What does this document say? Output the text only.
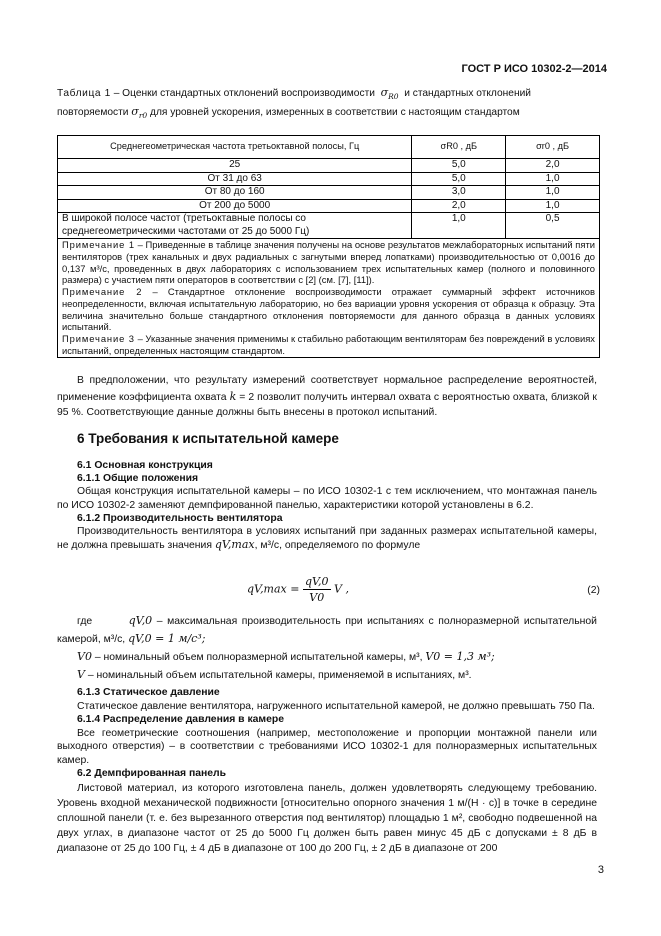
ГОСТ Р ИСО 10302-2—2014
Таблица 1 – Оценки стандартных отклонений воспроизводимости $\sigma_{R0}$ и стандартных отклонений повторяемости $\sigma_{r0}$ для уровней ускорения, измеренных в соответствии с настоящим стандартом
Среднегеометрическая частота третьоктавной полосы, Гц	σR0 , дБ	σr0 , дБ
25	5,0	2,0
От 31 до 63	5,0	1,0
От 80 до 160	3,0	1,0
От 200 до 5000	2,0	1,0
В широкой полосе частот (третьоктавные полосы со среднегеометрическими частотами от 25 до 5000 Гц)	1,0	0,5

Примечание 1 – Приведенные в таблице значения получены на основе результатов межлабораторных испытаний пяти вентиляторов (трех канальных и двух радиальных с загнутыми вперед лопатками) производительностью от 0,0016 до 0,137 м³/с, проведенных в двух лабораториях с использованием трех испытательных камер (полного и половинного размера) с участием пяти операторов в соответствии с [2] (см. [7], [11]).
Примечание 2 – Стандартное отклонение воспроизводимости отражает суммарный эффект источников неопределенности, включая испытательную лабораторию, но без вариации уровня ускорения от образца к образцу. Эта величина значительно больше стандартного отклонения повторяемости для данного образца в данных условиях испытаний.
Примечание 3 – Указанные значения применимы к стабильно работающим вентиляторам без повреждений в условиях испытаний, определенных настоящим стандартом.		

В предположении, что результату измерений соответствует нормальное распределение вероятностей, применение коэффициента охвата k = 2 позволит получить интервал охвата с вероятностью охвата, близкой к 95 %. Соответствующие данные должны быть внесены в протокол испытаний.

6 Требования к испытательной камере

6.1 Основная конструкция

6.1.1 Общие положения

Общая конструкция испытательной камеры – по ИСО 10302-1 с тем исключением, что монтажная панель по ИСО 10302-2 заменяют демпфированной панелью, характеристики которой установлены в 6.2.

6.1.2 Производительность вентилятора

Производительность вентилятора в условиях испытаний при заданных размерах испытательной камеры, не должна превышать значения qV,max, м³/с, определяемого по формуле

$qV,\max = \frac{qV,0}{V0}$ V ,	(2)

где	qV,0 – максимальная производительность при испытаниях с полноразмерной испытательной камерой, м³/с, qV,0 = 1 м/с³;

V0 – номинальный объем полноразмерной испытательной камеры, м³, V0 = 1,3 м³;

V – номинальный объем испытательной камеры, применяемой в испытаниях, м³.

6.1.3 Статическое давление

Статическое давление вентилятора, нагруженного испытательной камерой, не должно превышать 750 Па.

6.1.4 Распределение давления в камере

Все геометрические соотношения (например, местоположение и пропорции монтажной панели или выходного отверстия) – в соответствии с требованиями ИСО 10302-1 для полноразмерных испытательных камер.

6.2 Демпфированная панель

Листовой материал, из которого изготовлена панель, должен удовлетворять следующему требованию. Уровень входной механической подвижности [относительно опорного значения 1 м/(Н · с)] в точке в середине сплошной панели (т. е. без вырезанного отверстия под вентилятор) площадью 1 м², свободно подвешенной на двух углах, в диапазоне частот от 25 до 5000 Гц должен быть равен минус 45 дБ с допусками ± 8 дБ в диапазоне от 25 до 100 Гц, ± 4 дБ в диапазоне от 100 до 200 Гц, ± 2 дБ в диапазоне от 200

3
